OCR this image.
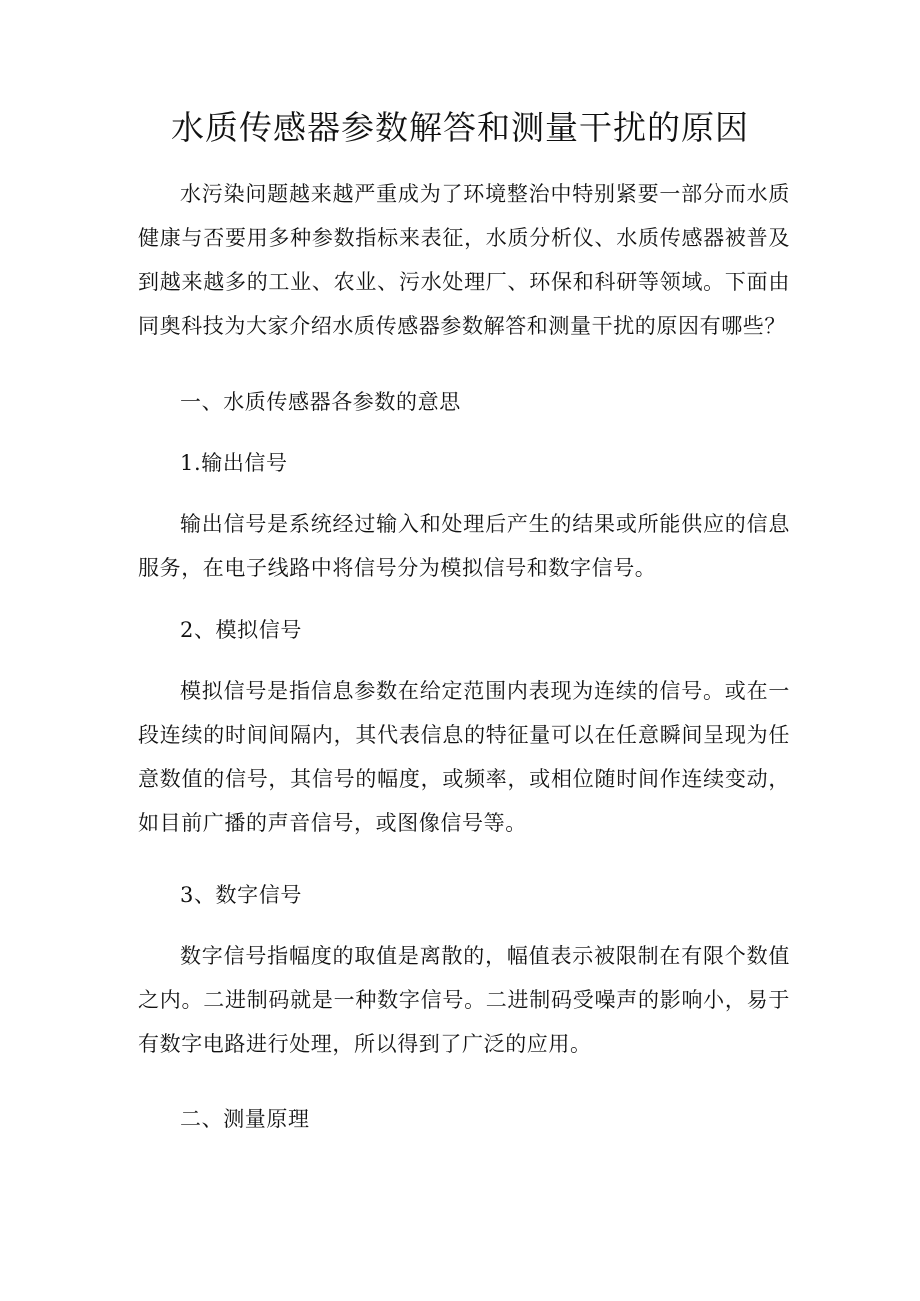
水质传感器参数解答和测量干扰的原因

水污染问题越来越严重成为了环境整治中特别紧要一部分而水质健康与否要用多种参数指标来表征，水质分析仪、水质传感器被普及到越来越多的工业、农业、污水处理厂、环保和科研等领域。下面由同奥科技为大家介绍水质传感器参数解答和测量干扰的原因有哪些？

一、水质传感器各参数的意思

1.输出信号

输出信号是系统经过输入和处理后产生的结果或所能供应的信息服务，在电子线路中将信号分为模拟信号和数字信号。

2、模拟信号

模拟信号是指信息参数在给定范围内表现为连续的信号。或在一段连续的时间间隔内，其代表信息的特征量可以在任意瞬间呈现为任意数值的信号，其信号的幅度，或频率，或相位随时间作连续变动，如目前广播的声音信号，或图像信号等。

3、数字信号

数字信号指幅度的取值是离散的，幅值表示被限制在有限个数值之内。二进制码就是一种数字信号。二进制码受噪声的影响小，易于有数字电路进行处理，所以得到了广泛的应用。

二、测量原理
